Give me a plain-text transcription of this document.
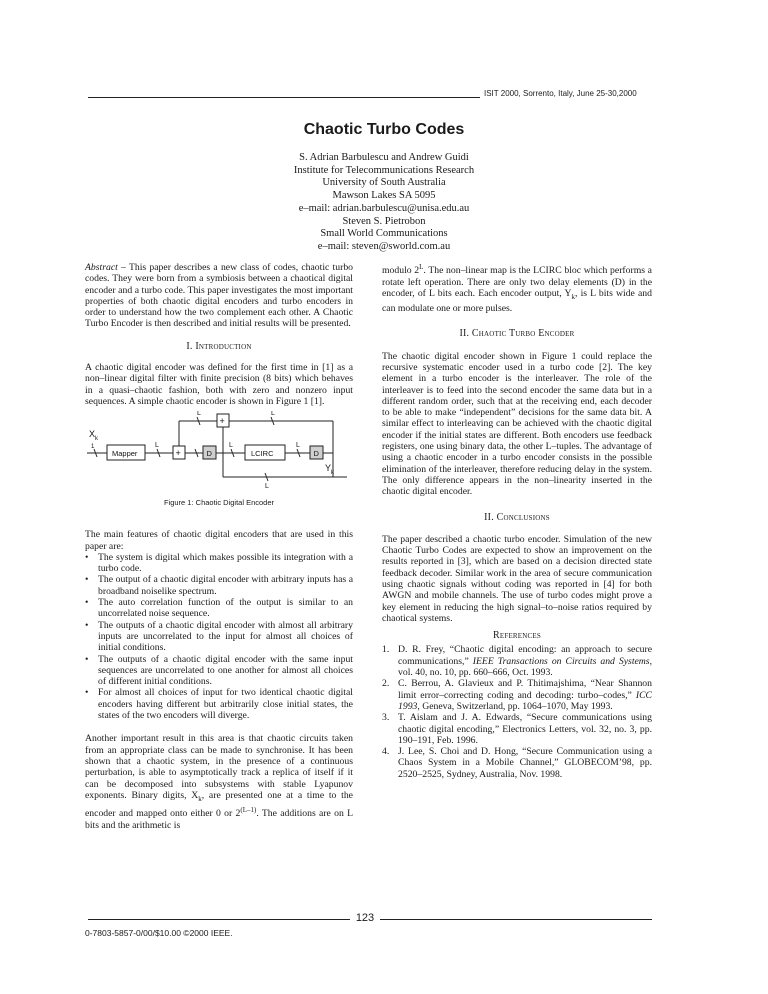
ISIT 2000, Sorrento, Italy, June 25-30,2000
Chaotic Turbo Codes
S. Adrian Barbulescu and Andrew Guidi
Institute for Telecommunications Research
University of South Australia
Mawson Lakes SA 5095
e–mail: adrian.barbulescu@unisa.edu.au
Steven S. Pietrobon
Small World Communications
e–mail: steven@sworld.com.au

Abstract – This paper describes a new class of codes, chaotic turbo codes. They were born from a symbiosis between a chaotical digital encoder and a turbo code. This paper investigates the most important properties of both chaotic digital encoders and turbo encoders in order to understand how the two complement each other. A Chaotic Turbo Encoder is then described and initial results will be presented.

I. Introduction

A chaotic digital encoder was defined for the first time in [1] as a non–linear digital filter with finite precision (8 bits) which behaves in a quasi–chaotic fashion, both with zero and nonzero input sequences. A simple chaotic encoder is shown in Figure 1 [1].

X k
1
Mapper	+
+
D	D
LCIRC
L	L	L
L	L
L
Y k
Figure 1: Chaotic Digital Encoder

The main features of chaotic digital encoders that are used in this paper are:

• The system is digital which makes possible its integration with a turbo code.
• The output of a chaotic digital encoder with arbitrary inputs has a broadband noiselike spectrum.
• The auto correlation function of the output is similar to an uncorrelated noise sequence.
• The outputs of a chaotic digital encoder with almost all arbitrary inputs are uncorrelated to the input for almost all choices of initial conditions.
• The outputs of a chaotic digital encoder with the same input sequences are uncorrelated to one another for almost all choices of different initial conditions.
• For almost all choices of input for two identical chaotic digital encoders having different but arbitrarily close initial states, the states of the two encoders will diverge.

Another important result in this area is that chaotic circuits taken from an appropriate class can be made to synchronise. It has been shown that a chaotic system, in the presence of a continuous perturbation, is able to asymptotically track a replica of itself if it can be decomposed into subsystems with stable Lyapunov exponents. Binary digits, $X_k$, are presented one at a time to the encoder and mapped onto either 0 or $2^{(L-1)}$. The additions are on L bits and the arithmetic is

modulo $2^L$. The non–linear map is the LCIRC bloc which performs a rotate left operation. There are only two delay elements (D) in the encoder, of L bits each. Each encoder output, $Y_k$, is L bits wide and can modulate one or more pulses.

II. Chaotic Turbo Encoder

The chaotic digital encoder shown in Figure 1 could replace the recursive systematic encoder used in a turbo code [2]. The key element in a turbo encoder is the interleaver. The role of the interleaver is to feed into the second encoder the same data but in a different random order, such that at the receiving end, each decoder to be able to make “independent” decisions for the same data bit. A similar effect to interleaving can be achieved with the chaotic digital encoder if the initial states are different. Both encoders use feedback registers, one using binary data, the other L–tuples. The advantage of using a chaotic encoder in a turbo encoder consists in the possible elimination of the interleaver, therefore reducing delay in the system. The only difference appears in the non–linearity inserted in the chaotic digital encoder.

II. Conclusions

The paper described a chaotic turbo encoder. Simulation of the new Chaotic Turbo Codes are expected to show an improvement on the results reported in [3], which are based on a decision directed state feedback decoder. Similar work in the area of secure communication using chaotic signals without coding was reported in [4] for both AWGN and mobile channels. The use of turbo codes might prove a key element in reducing the high signal–to–noise ratios required by chaotical systems.

References
1. D. R. Frey, “Chaotic digital encoding: an approach to secure communications,” IEEE Transactions on Circuits and Systems, vol. 40, no. 10, pp. 660–666, Oct. 1993.
2. C. Berrou, A. Glavieux and P. Thitimajshima, “Near Shannon limit error–correcting coding and decoding: turbo–codes,” ICC 1993, Geneva, Switzerland, pp. 1064–1070, May 1993.
3. T. Aislam and J. A. Edwards, “Secure communications using chaotic digital encoding,” Electronics Letters, vol. 32, no. 3, pp. 190–191, Feb. 1996.
4. J. Lee, S. Choi and D. Hong, “Secure Communication using a Chaos System in a Mobile Channel,” GLOBECOM’98, pp. 2520–2525, Sydney, Australia, Nov. 1998.
123
0-7803-5857-0/00/$10.00 ©2000 IEEE.
